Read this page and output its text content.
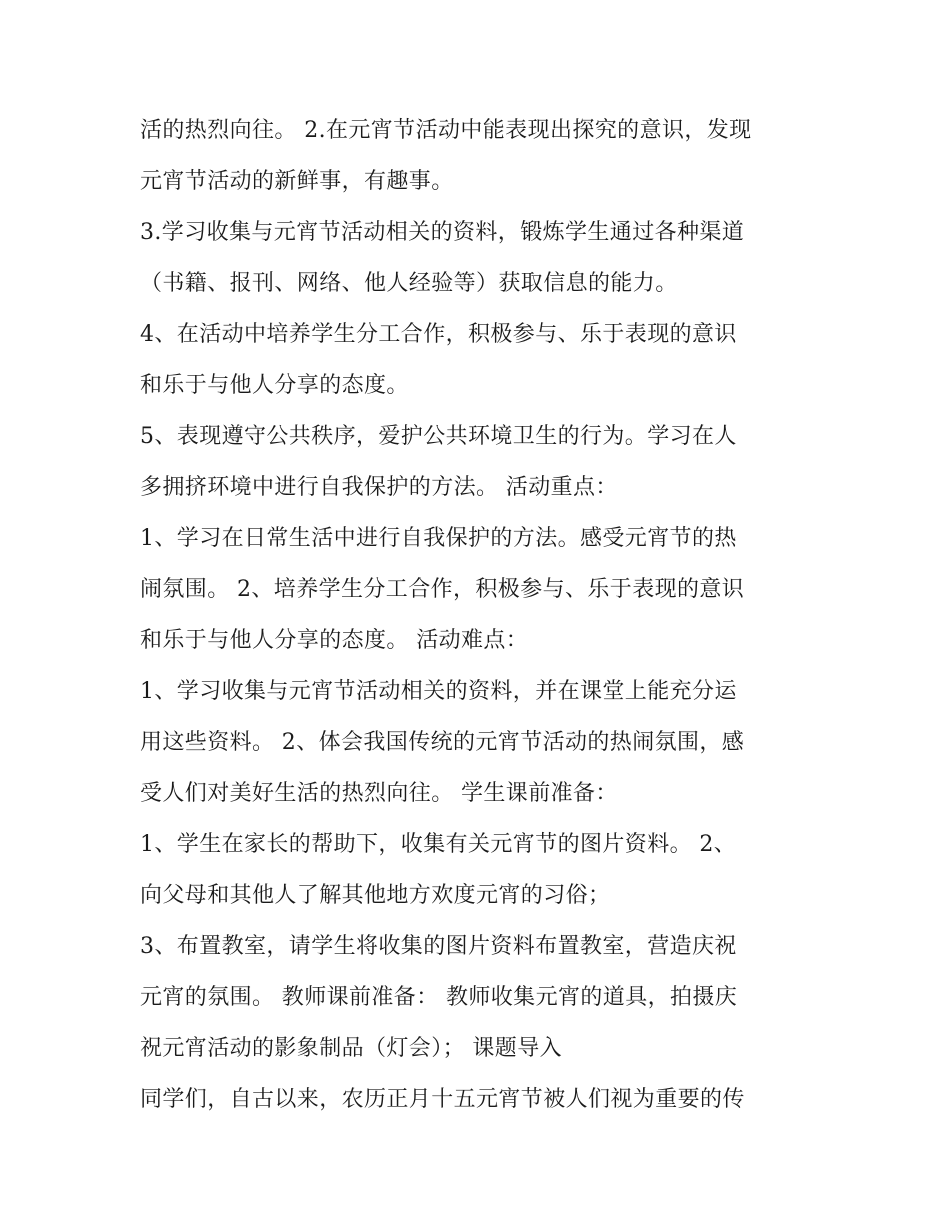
活的热烈向往。 2.在元宵节活动中能表现出探究的意识，发现
元宵节活动的新鲜事，有趣事。
3.学习收集与元宵节活动相关的资料，锻炼学生通过各种渠道
（书籍、报刊、网络、他人经验等）获取信息的能力。
4、在活动中培养学生分工合作，积极参与、乐于表现的意识
和乐于与他人分享的态度。
5、表现遵守公共秩序，爱护公共环境卫生的行为。学习在人
多拥挤环境中进行自我保护的方法。 活动重点：
1、学习在日常生活中进行自我保护的方法。感受元宵节的热
闹氛围。 2、培养学生分工合作，积极参与、乐于表现的意识
和乐于与他人分享的态度。 活动难点：
1、学习收集与元宵节活动相关的资料，并在课堂上能充分运
用这些资料。 2、体会我国传统的元宵节活动的热闹氛围，感
受人们对美好生活的热烈向往。 学生课前准备：
1、学生在家长的帮助下，收集有关元宵节的图片资料。 2、
向父母和其他人了解其他地方欢度元宵的习俗；
3、布置教室，请学生将收集的图片资料布置教室，营造庆祝
元宵的氛围。 教师课前准备： 教师收集元宵的道具，拍摄庆
祝元宵活动的影象制品（灯会）； 课题导入
同学们，自古以来，农历正月十五元宵节被人们视为重要的传
